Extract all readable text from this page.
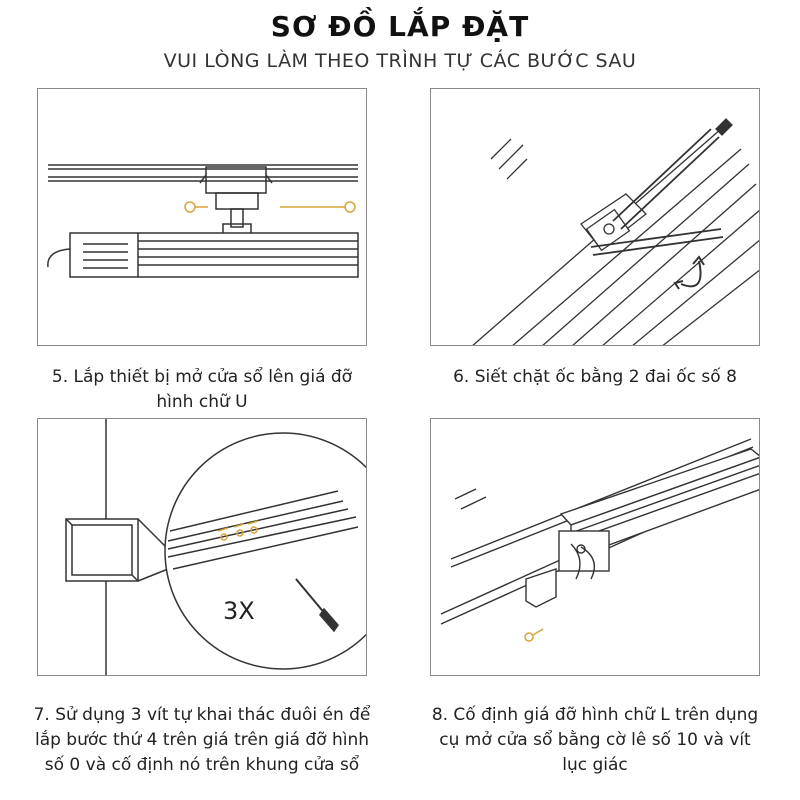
SƠ ĐỒ LẮP ĐẶT
VUI LÒNG LÀM THEO TRÌNH TỰ CÁC BƯỚC SAU
5. Lắp thiết bị mở cửa sổ lên giá đỡ
hình chữ U
6. Siết chặt ốc bằng 2 đai ốc số 8
3X
7. Sử dụng 3 vít tự khai thác đuôi én để
lắp bước thứ 4 trên giá trên giá đỡ hình
số 0 và cố định nó trên khung cửa sổ
8. Cố định giá đỡ hình chữ L trên dụng
cụ mở cửa sổ bằng cờ lê số 10 và vít
lục giác
